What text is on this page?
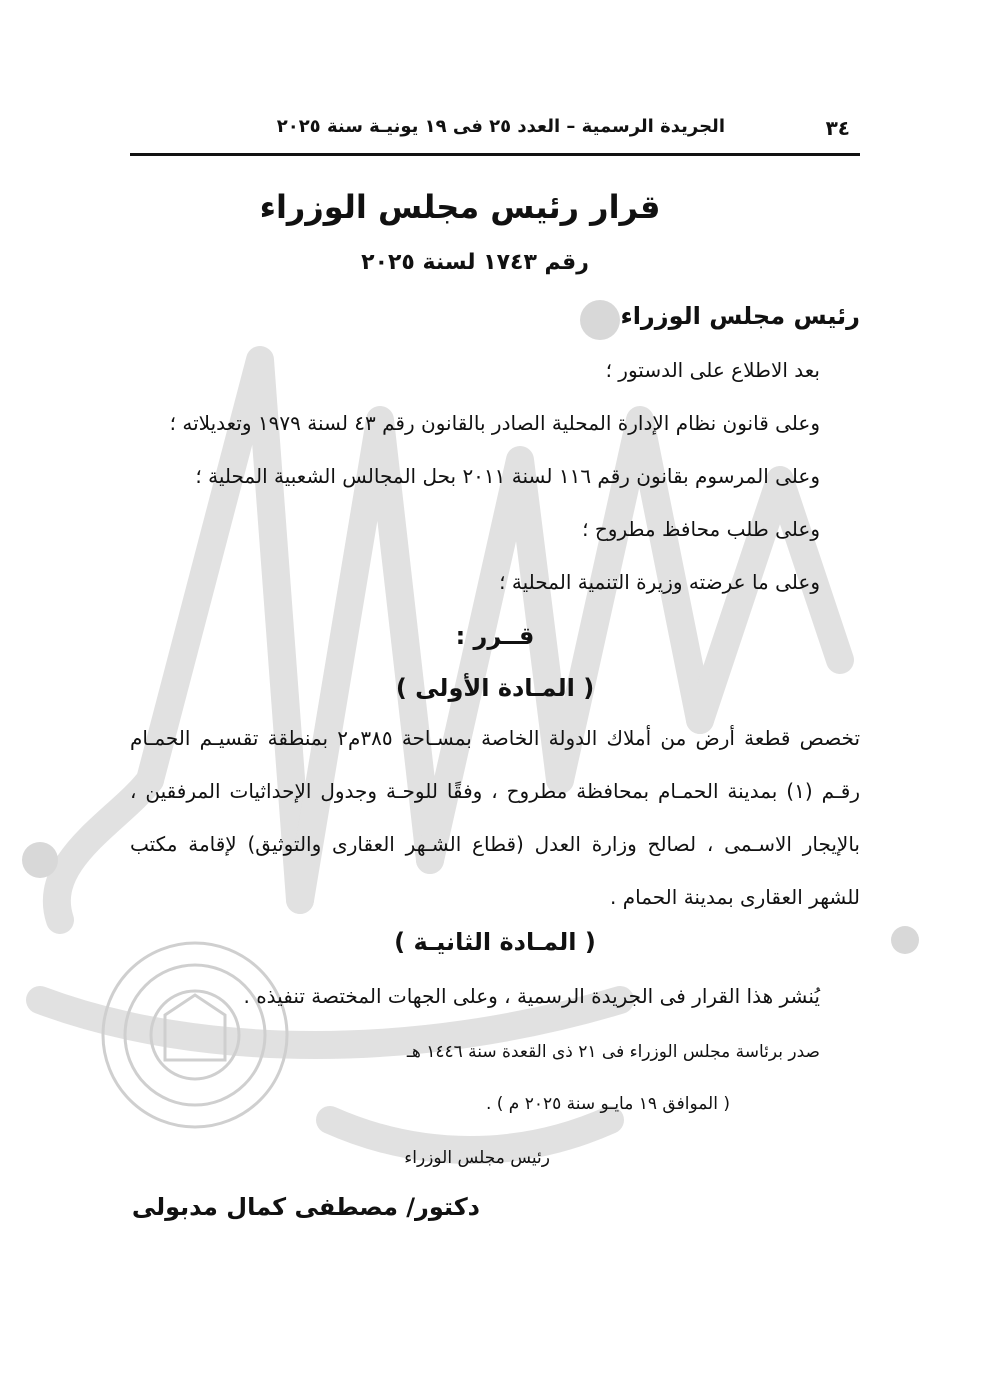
٣٤
الجريدة الرسمية – العدد ٢٥ فى ١٩ يونيـة سنة ٢٠٢٥
قرار رئيس مجلس الوزراء
رقم ١٧٤٣ لسنة ٢٠٢٥

رئيس مجلس الوزراء

بعد الاطلاع على الدستور ؛
وعلى قانون نظام الإدارة المحلية الصادر بالقانون رقم ٤٣ لسنة ١٩٧٩ وتعديلاته ؛
وعلى المرسوم بقانون رقم ١١٦ لسنة ٢٠١١ بحل المجالس الشعبية المحلية ؛
وعلى طلب محافظ مطروح ؛
وعلى ما عرضته وزيرة التنمية المحلية ؛
قــرر :
( المـادة الأولى )
تخصص قطعة أرض من أملاك الدولة الخاصة بمسـاحة ٣٨٥م٢ بمنطقة تقسيـم الحمـام رقـم (١) بمدينة الحمـام بمحافظة مطروح ، وفقًا للوحـة وجدول الإحداثيات المرفقين ، بالإيجار الاسـمى ، لصالح وزارة العدل (قطاع الشـهر العقارى والتوثيق) لإقامة مكتب للشهر العقارى بمدينة الحمام .
( المـادة الثانيـة )
يُنشر هذا القرار فى الجريدة الرسمية ، وعلى الجهات المختصة تنفيذه .
صدر برئاسة مجلس الوزراء فى ٢١ ذى القعدة سنة ١٤٤٦ هـ
( الموافق ١٩ مايـو سنة ٢٠٢٥ م ) .
رئيس مجلس الوزراء
دكتور/ مصطفى كمال مدبولى
